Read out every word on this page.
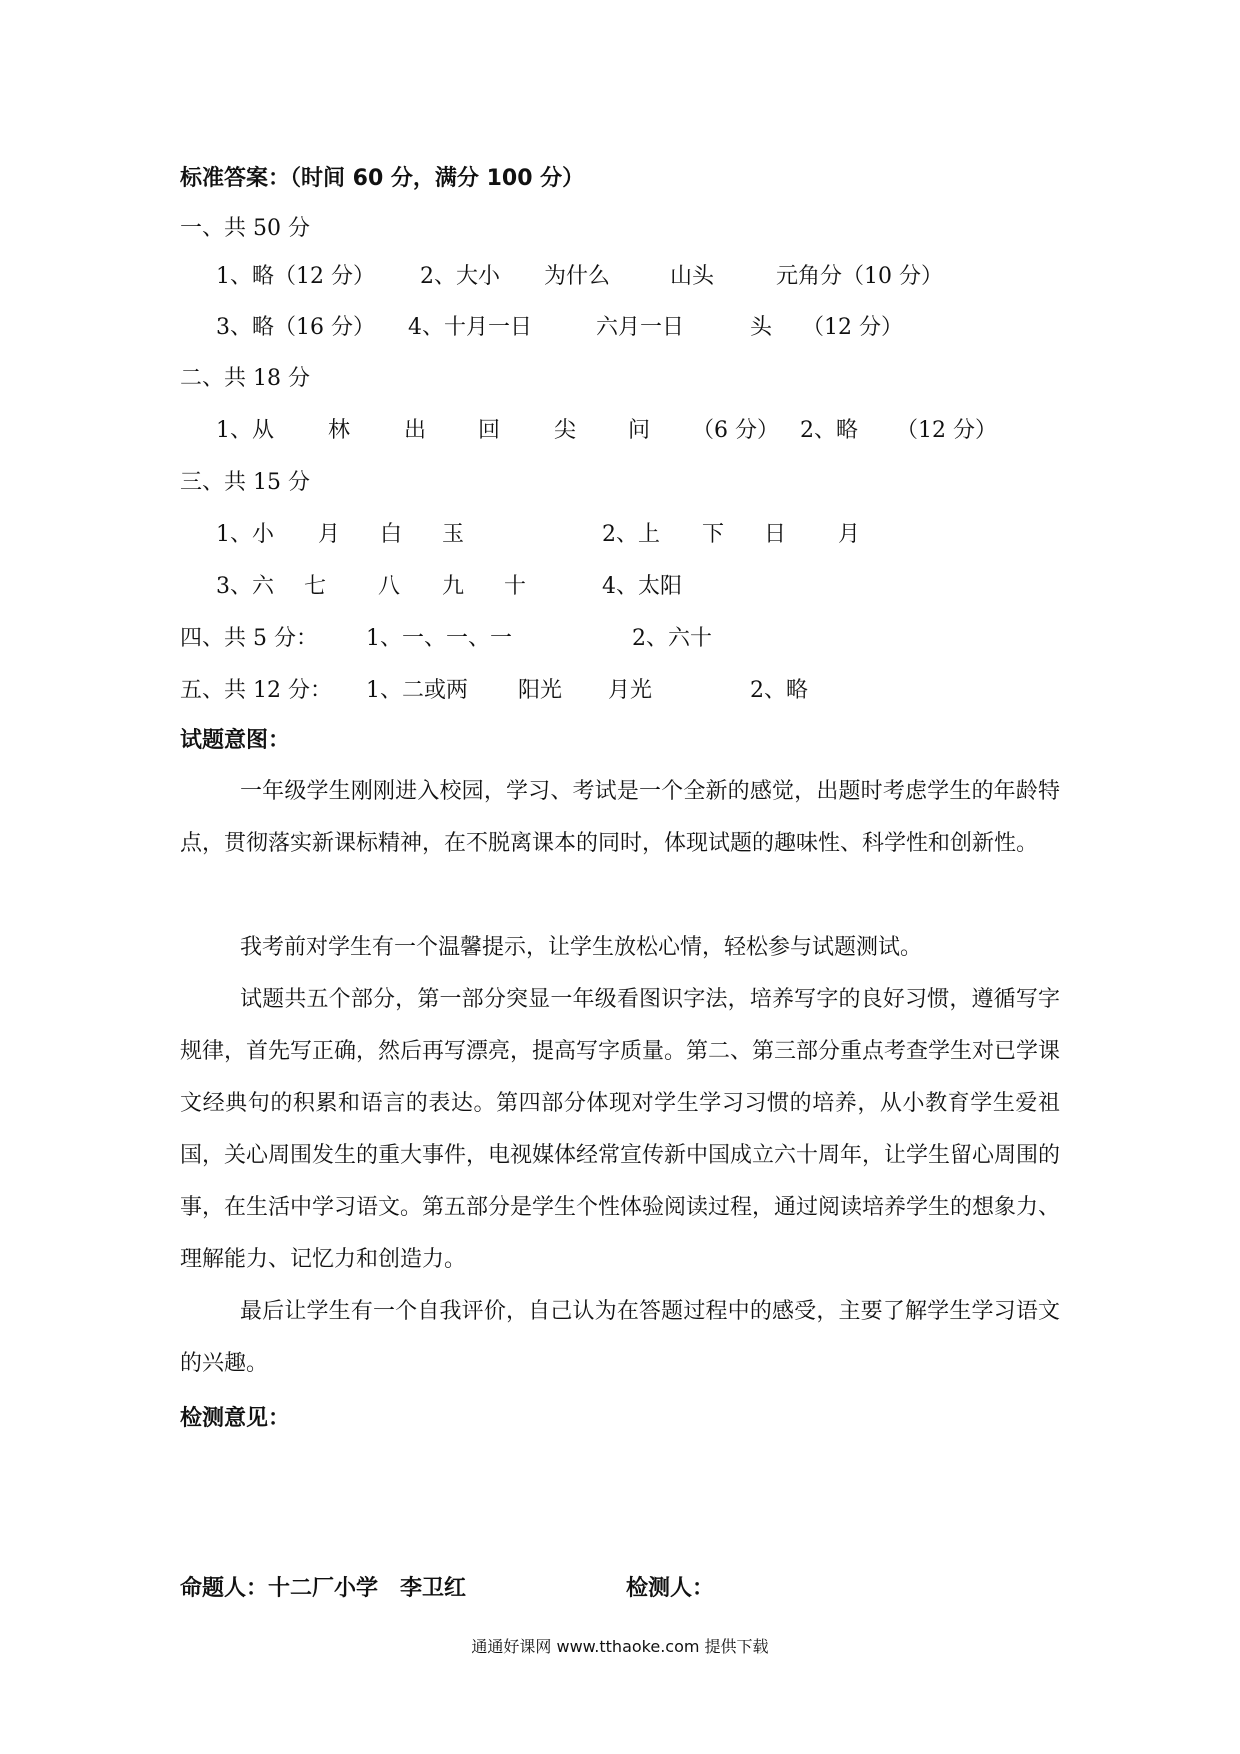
标准答案：（时间 60 分，满分 100 分）
一、共 50 分
1、略（12 分） 2、大小 为什么	山头	元角分（10 分）
3、略（16 分） 4、十月一日	六月一日	头 （12 分）
二、共 18 分
1、从 林 出 回 尖 问 （6 分） 2、略 （12 分）
三、共 15 分
1、小 月 白 玉	2、上 下 日 月
3、六 七 八 九 十	4、太阳
四、共 5 分： 1、一、一、一	2、六十
五、共 12 分： 1、二或两 阳光 月光	2、略
试题意图：

一年级学生刚刚进入校园，学习、考试是一个全新的感觉，出题时考虑学生的年龄特点，贯彻落实新课标精神，在不脱离课本的同时，体现试题的趣味性、科学性和创新性。

我考前对学生有一个温馨提示，让学生放松心情，轻松参与试题测试。

试题共五个部分，第一部分突显一年级看图识字法，培养写字的良好习惯，遵循写字规律，首先写正确，然后再写漂亮，提高写字质量。第二、第三部分重点考查学生对已学课文经典句的积累和语言的表达。第四部分体现对学生学习习惯的培养，从小教育学生爱祖国，关心周围发生的重大事件，电视媒体经常宣传新中国成立六十周年，让学生留心周围的事，在生活中学习语文。第五部分是学生个性体验阅读过程，通过阅读培养学生的想象力、理解能力、记忆力和创造力。

最后让学生有一个自我评价，自己认为在答题过程中的感受，主要了解学生学习语文的兴趣。

检测意见：
命题人：十二厂小学　李卫红	检测人：
通通好课网 www.tthaoke.com 提供下载
